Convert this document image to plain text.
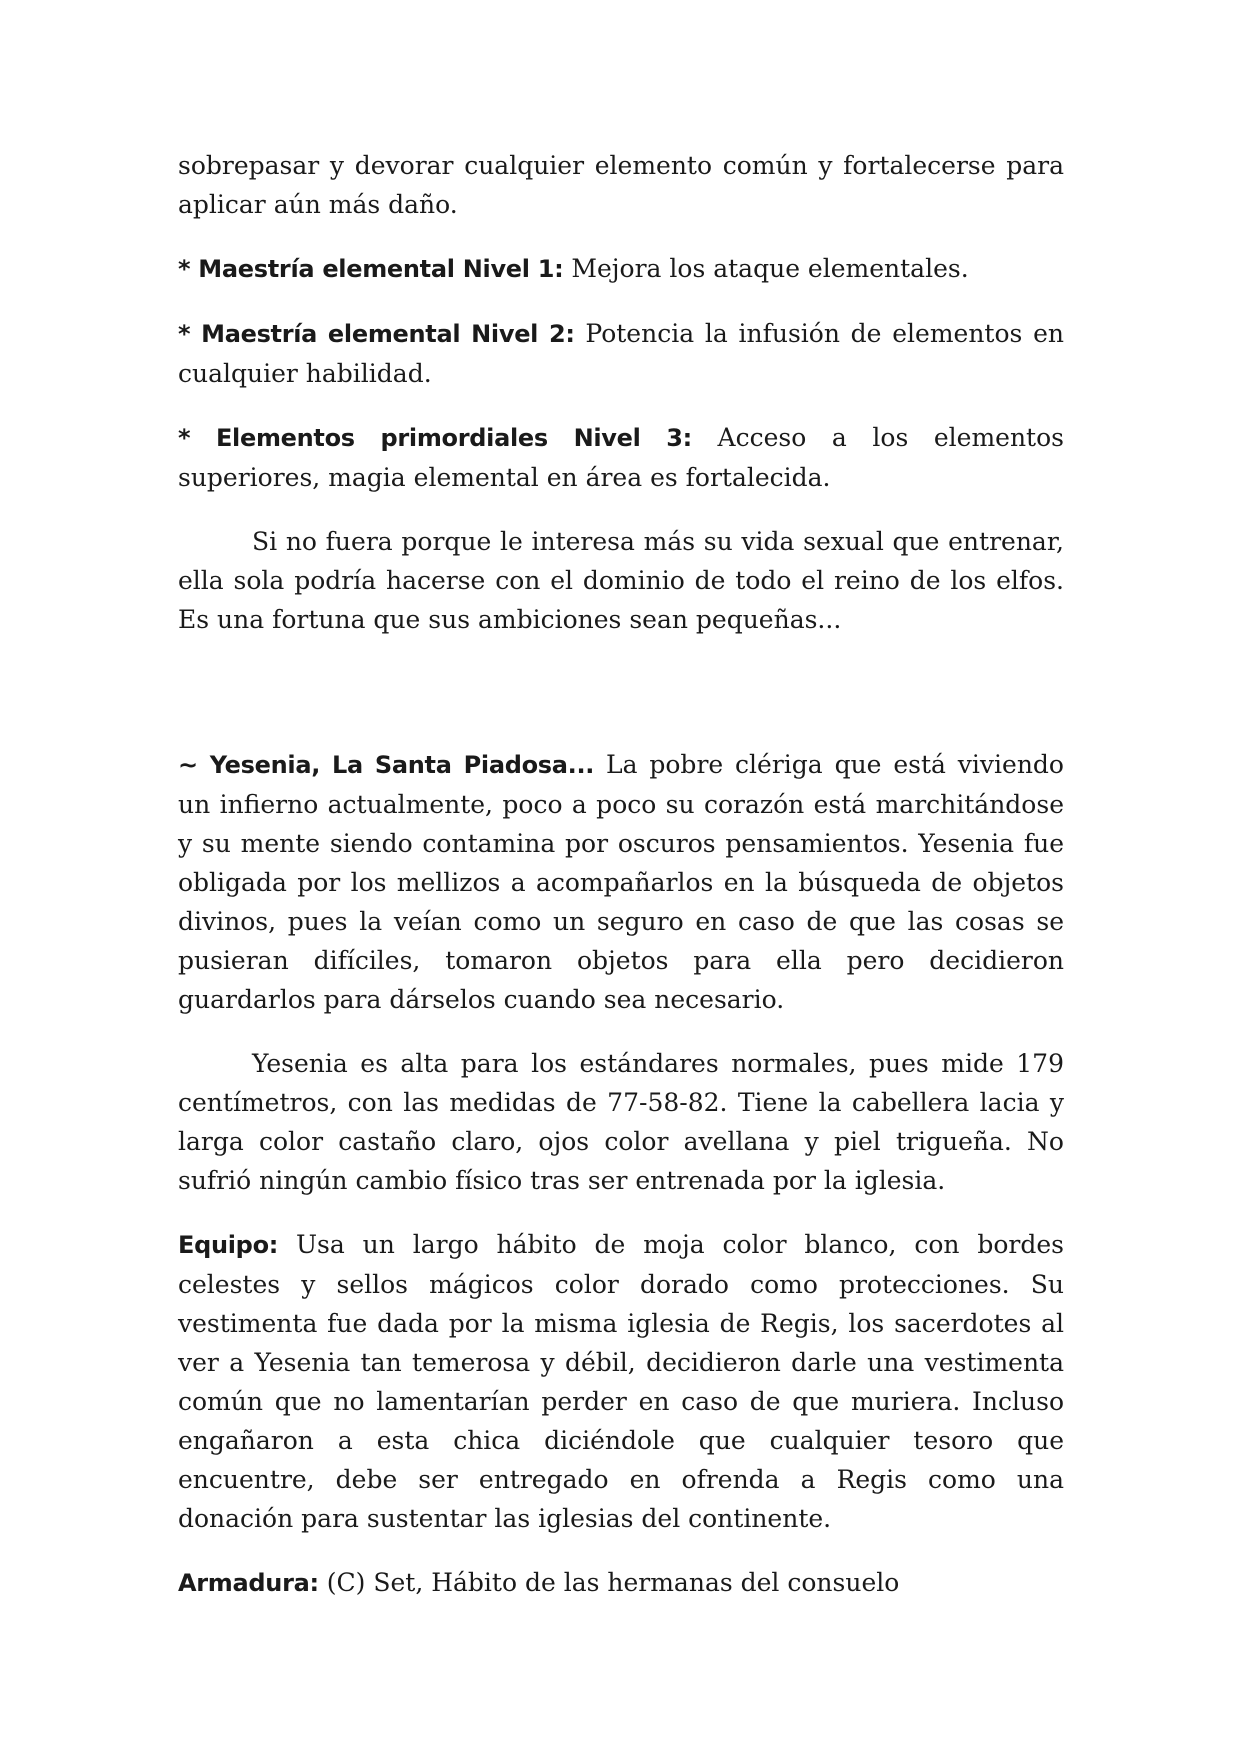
sobrepasar y devorar cualquier elemento común y fortalecerse para aplicar aún más daño.

* Maestría elemental Nivel 1: Mejora los ataque elementales.

* Maestría elemental Nivel 2: Potencia la infusión de elementos en cualquier habilidad.

* Elementos primordiales Nivel 3: Acceso a los elementos superiores, magia elemental en área es fortalecida.

Si no fuera porque le interesa más su vida sexual que entrenar, ella sola podría hacerse con el dominio de todo el reino de los elfos. Es una fortuna que sus ambiciones sean pequeñas...

~ Yesenia, La Santa Piadosa... La pobre clériga que está viviendo un infierno actualmente, poco a poco su corazón está marchitándose y su mente siendo contamina por oscuros pensamientos. Yesenia fue obligada por los mellizos a acompañarlos en la búsqueda de objetos divinos, pues la veían como un seguro en caso de que las cosas se pusieran difíciles, tomaron objetos para ella pero decidieron guardarlos para dárselos cuando sea necesario.

Yesenia es alta para los estándares normales, pues mide 179 centímetros, con las medidas de 77-58-82. Tiene la cabellera lacia y larga color castaño claro, ojos color avellana y piel trigueña. No sufrió ningún cambio físico tras ser entrenada por la iglesia.

Equipo: Usa un largo hábito de moja color blanco, con bordes celestes y sellos mágicos color dorado como protecciones. Su vestimenta fue dada por la misma iglesia de Regis, los sacerdotes al ver a Yesenia tan temerosa y débil, decidieron darle una vestimenta común que no lamentarían perder en caso de que muriera. Incluso engañaron a esta chica diciéndole que cualquier tesoro que encuentre, debe ser entregado en ofrenda a Regis como una donación para sustentar las iglesias del continente.

Armadura: (C) Set, Hábito de las hermanas del consuelo
